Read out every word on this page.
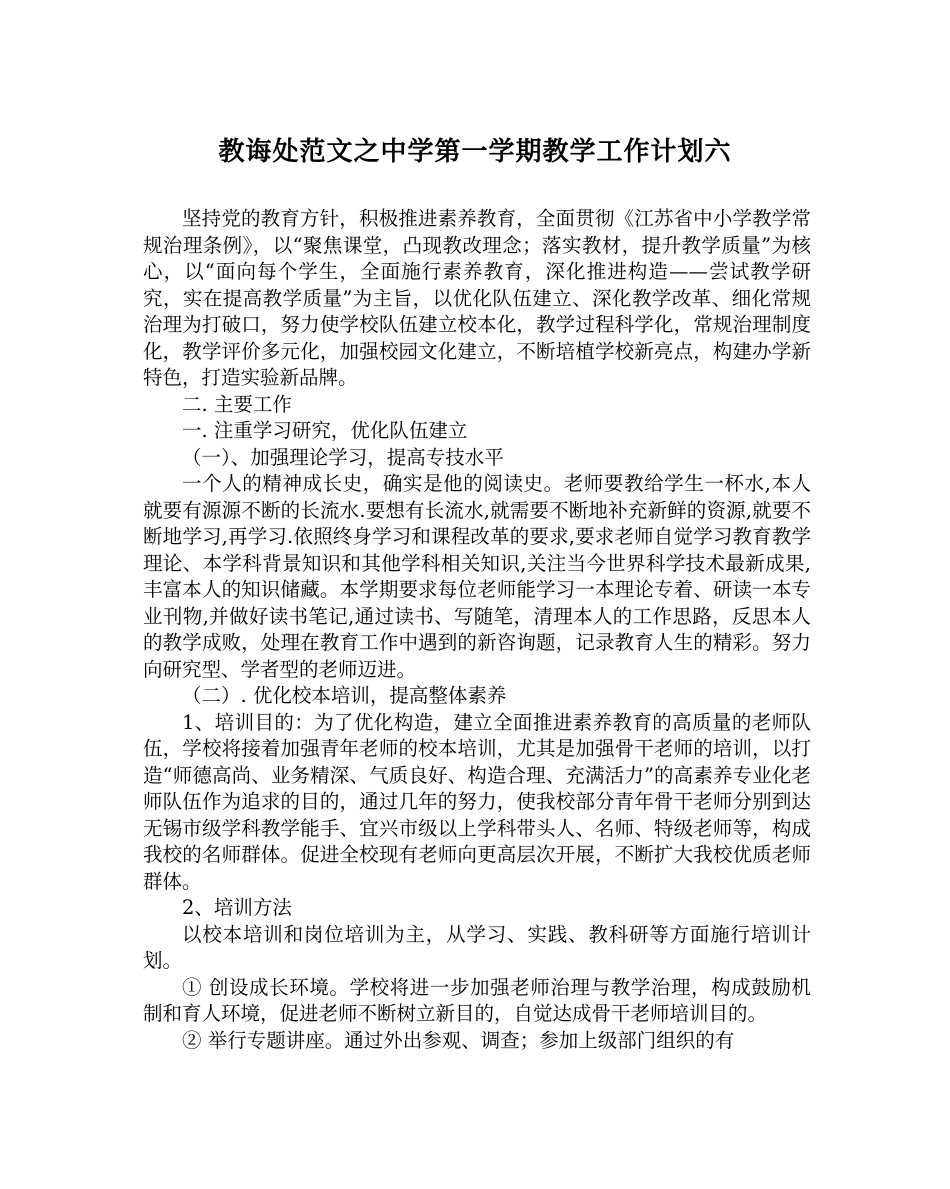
教诲处范文之中学第一学期教学工作计划六

坚持党的教育方针，积极推进素养教育，全面贯彻《江苏省中小学教学常规治理条例》，以“聚焦课堂，凸现教改理念；落实教材，提升教学质量”为核心，以“面向每个学生，全面施行素养教育，深化推进构造——尝试教学研究，实在提高教学质量”为主旨，以优化队伍建立、深化教学改革、细化常规治理为打破口，努力使学校队伍建立校本化，教学过程科学化，常规治理制度化，教学评价多元化，加强校园文化建立，不断培植学校新亮点，构建办学新特色，打造实验新品牌。

二. 主要工作

一. 注重学习研究，优化队伍建立

（一）、加强理论学习，提高专技水平

一个人的精神成长史，确实是他的阅读史。老师要教给学生一杯水,本人就要有源源不断的长流水.要想有长流水,就需要不断地补充新鲜的资源,就要不断地学习,再学习.依照终身学习和课程改革的要求,要求老师自觉学习教育教学理论、本学科背景知识和其他学科相关知识,关注当今世界科学技术最新成果,丰富本人的知识储藏。本学期要求每位老师能学习一本理论专着、研读一本专业刊物,并做好读书笔记,通过读书、写随笔，清理本人的工作思路，反思本人的教学成败，处理在教育工作中遇到的新咨询题，记录教育人生的精彩。努力向研究型、学者型的老师迈进。

（二）. 优化校本培训，提高整体素养

1、培训目的：为了优化构造，建立全面推进素养教育的高质量的老师队伍，学校将接着加强青年老师的校本培训，尤其是加强骨干老师的培训，以打造“师德高尚、业务精深、气质良好、构造合理、充满活力”的高素养专业化老师队伍作为追求的目的，通过几年的努力，使我校部分青年骨干老师分别到达无锡市级学科教学能手、宜兴市级以上学科带头人、名师、特级老师等，构成我校的名师群体。促进全校现有老师向更高层次开展，不断扩大我校优质老师群体。

2、培训方法

以校本培训和岗位培训为主，从学习、实践、教科研等方面施行培训计划。

① 创设成长环境。学校将进一步加强老师治理与教学治理，构成鼓励机制和育人环境，促进老师不断树立新目的，自觉达成骨干老师培训目的。

② 举行专题讲座。通过外出参观、调查；参加上级部门组织的有
